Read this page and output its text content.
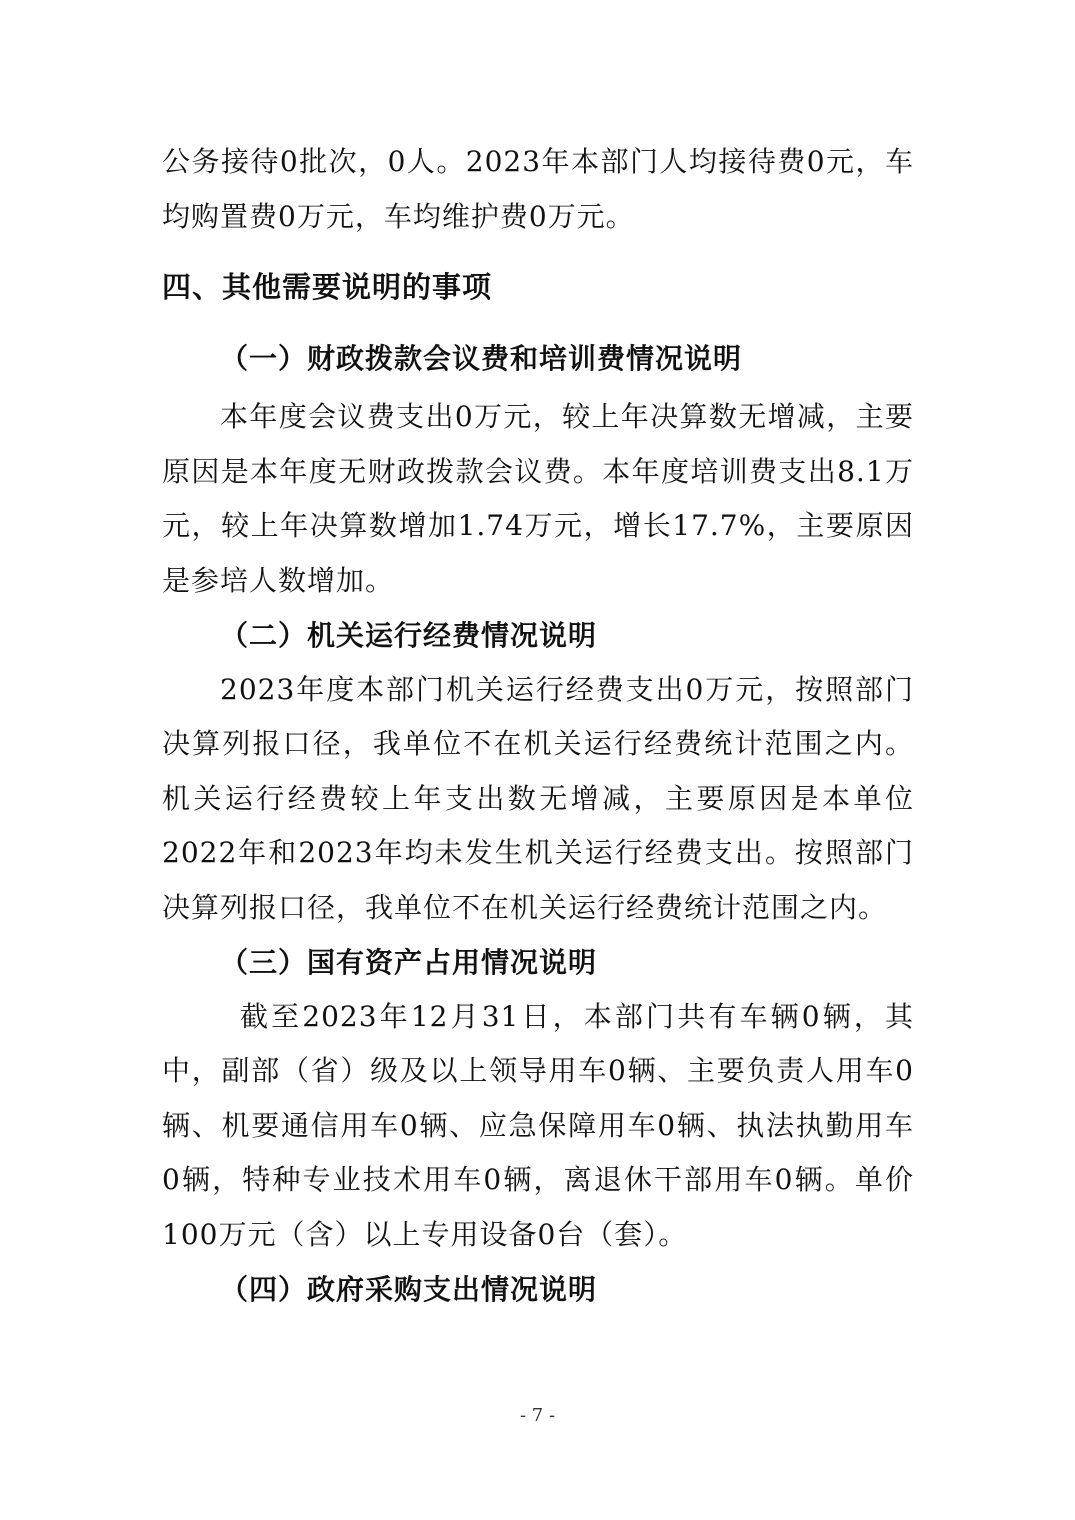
公务接待0批次，0人。2023年本部门人均接待费0元，车均购置费0万元，车均维护费0万元。

四、其他需要说明的事项

（一）财政拨款会议费和培训费情况说明

本年度会议费支出0万元，较上年决算数无增减，主要原因是本年度无财政拨款会议费。本年度培训费支出8.1万元，较上年决算数增加1.74万元，增长17.7%，主要原因是参培人数增加。

（二）机关运行经费情况说明

2023年度本部门机关运行经费支出0万元，按照部门决算列报口径，我单位不在机关运行经费统计范围之内。机关运行经费较上年支出数无增减，主要原因是本单位2022年和2023年均未发生机关运行经费支出。按照部门决算列报口径，我单位不在机关运行经费统计范围之内。

（三）国有资产占用情况说明

截至2023年12月31日，本部门共有车辆0辆，其中，副部（省）级及以上领导用车0辆、主要负责人用车0辆、机要通信用车0辆、应急保障用车0辆、执法执勤用车0辆，特种专业技术用车0辆，离退休干部用车0辆。单价100万元（含）以上专用设备0台（套）。

（四）政府采购支出情况说明

- 7 -
